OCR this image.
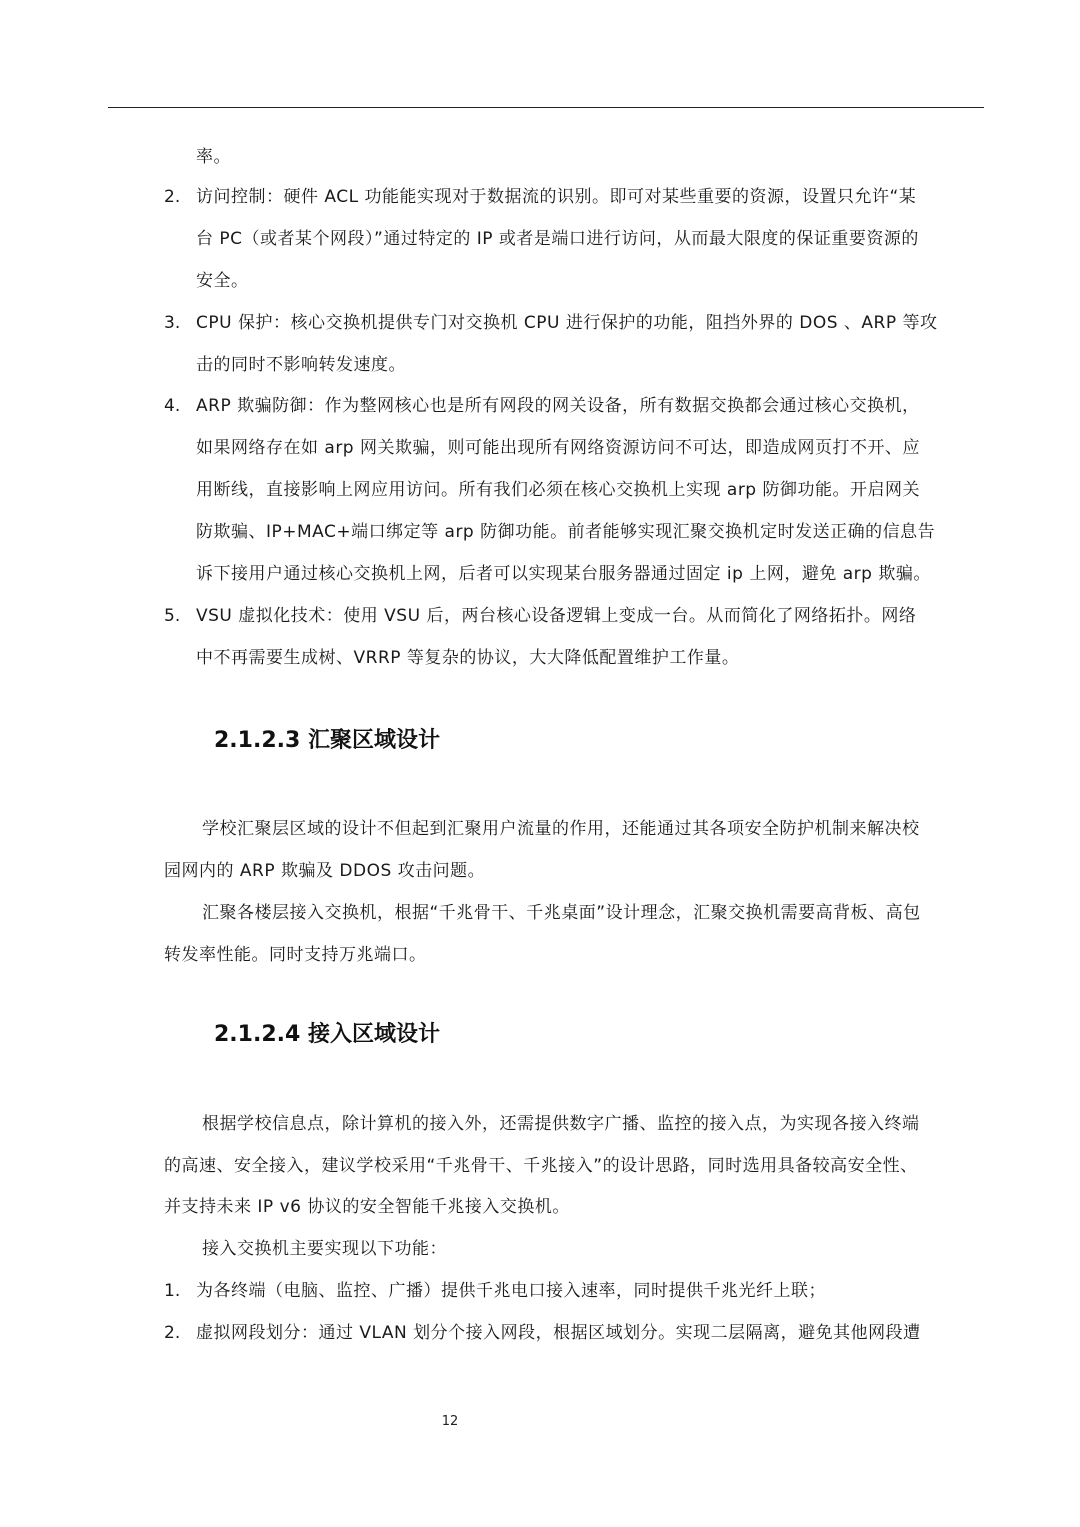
率。
2. 访问控制：硬件 ACL 功能能实现对于数据流的识别。即可对某些重要的资源，设置只允许“某
台 PC（或者某个网段）”通过特定的 IP 或者是端口进行访问，从而最大限度的保证重要资源的
安全。
3. CPU 保护：核心交换机提供专门对交换机 CPU 进行保护的功能，阻挡外界的 DOS 、ARP 等攻
击的同时不影响转发速度。
4. ARP 欺骗防御：作为整网核心也是所有网段的网关设备，所有数据交换都会通过核心交换机，
如果网络存在如 arp 网关欺骗，则可能出现所有网络资源访问不可达，即造成网页打不开、应
用断线，直接影响上网应用访问。所有我们必须在核心交换机上实现 arp 防御功能。开启网关
防欺骗、IP+MAC+端口绑定等 arp 防御功能。前者能够实现汇聚交换机定时发送正确的信息告
诉下接用户通过核心交换机上网，后者可以实现某台服务器通过固定 ip 上网，避免 arp 欺骗。
5. VSU 虚拟化技术：使用 VSU 后，两台核心设备逻辑上变成一台。从而简化了网络拓扑。网络
中不再需要生成树、VRRP 等复杂的协议，大大降低配置维护工作量。
2.1.2.3 汇聚区域设计
学校汇聚层区域的设计不但起到汇聚用户流量的作用，还能通过其各项安全防护机制来解决校
园网内的 ARP 欺骗及 DDOS 攻击问题。
汇聚各楼层接入交换机，根据“千兆骨干、千兆桌面”设计理念，汇聚交换机需要高背板、高包
转发率性能。同时支持万兆端口。
2.1.2.4 接入区域设计
根据学校信息点，除计算机的接入外，还需提供数字广播、监控的接入点，为实现各接入终端
的高速、安全接入，建议学校采用“千兆骨干、千兆接入”的设计思路，同时选用具备较高安全性、
并支持未来 IP v6 协议的安全智能千兆接入交换机。
接入交换机主要实现以下功能：
1. 为各终端（电脑、监控、广播）提供千兆电口接入速率，同时提供千兆光纤上联；
2. 虚拟网段划分：通过 VLAN 划分个接入网段，根据区域划分。实现二层隔离，避免其他网段遭
12
